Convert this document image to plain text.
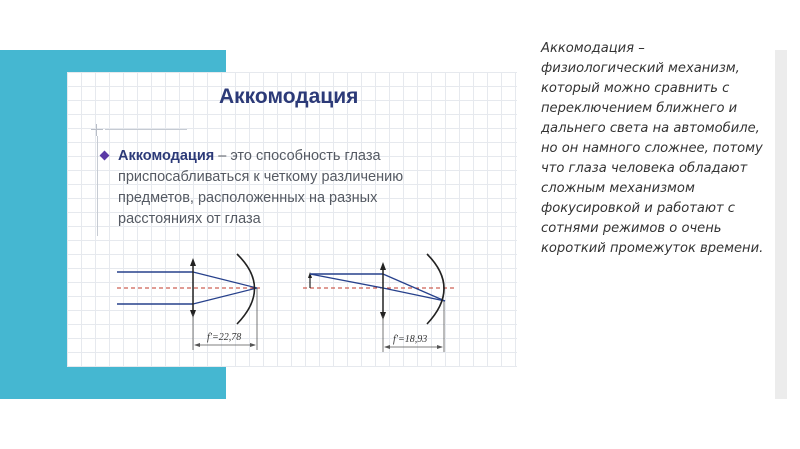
Аккомодация
Аккомодация – это способность глаза приспосабливаться к четкому различению предметов, расположенных на разных расстояниях от глаза
f′=22,78	f′=18,93

Аккомодация – физиологический механизм, который можно сравнить с переключением ближнего и дальнего света на автомобиле, но он намного сложнее, потому что глаза человека обладают сложным механизмом фокусировкой и работают с сотнями режимов о очень короткий промежуток времени.
